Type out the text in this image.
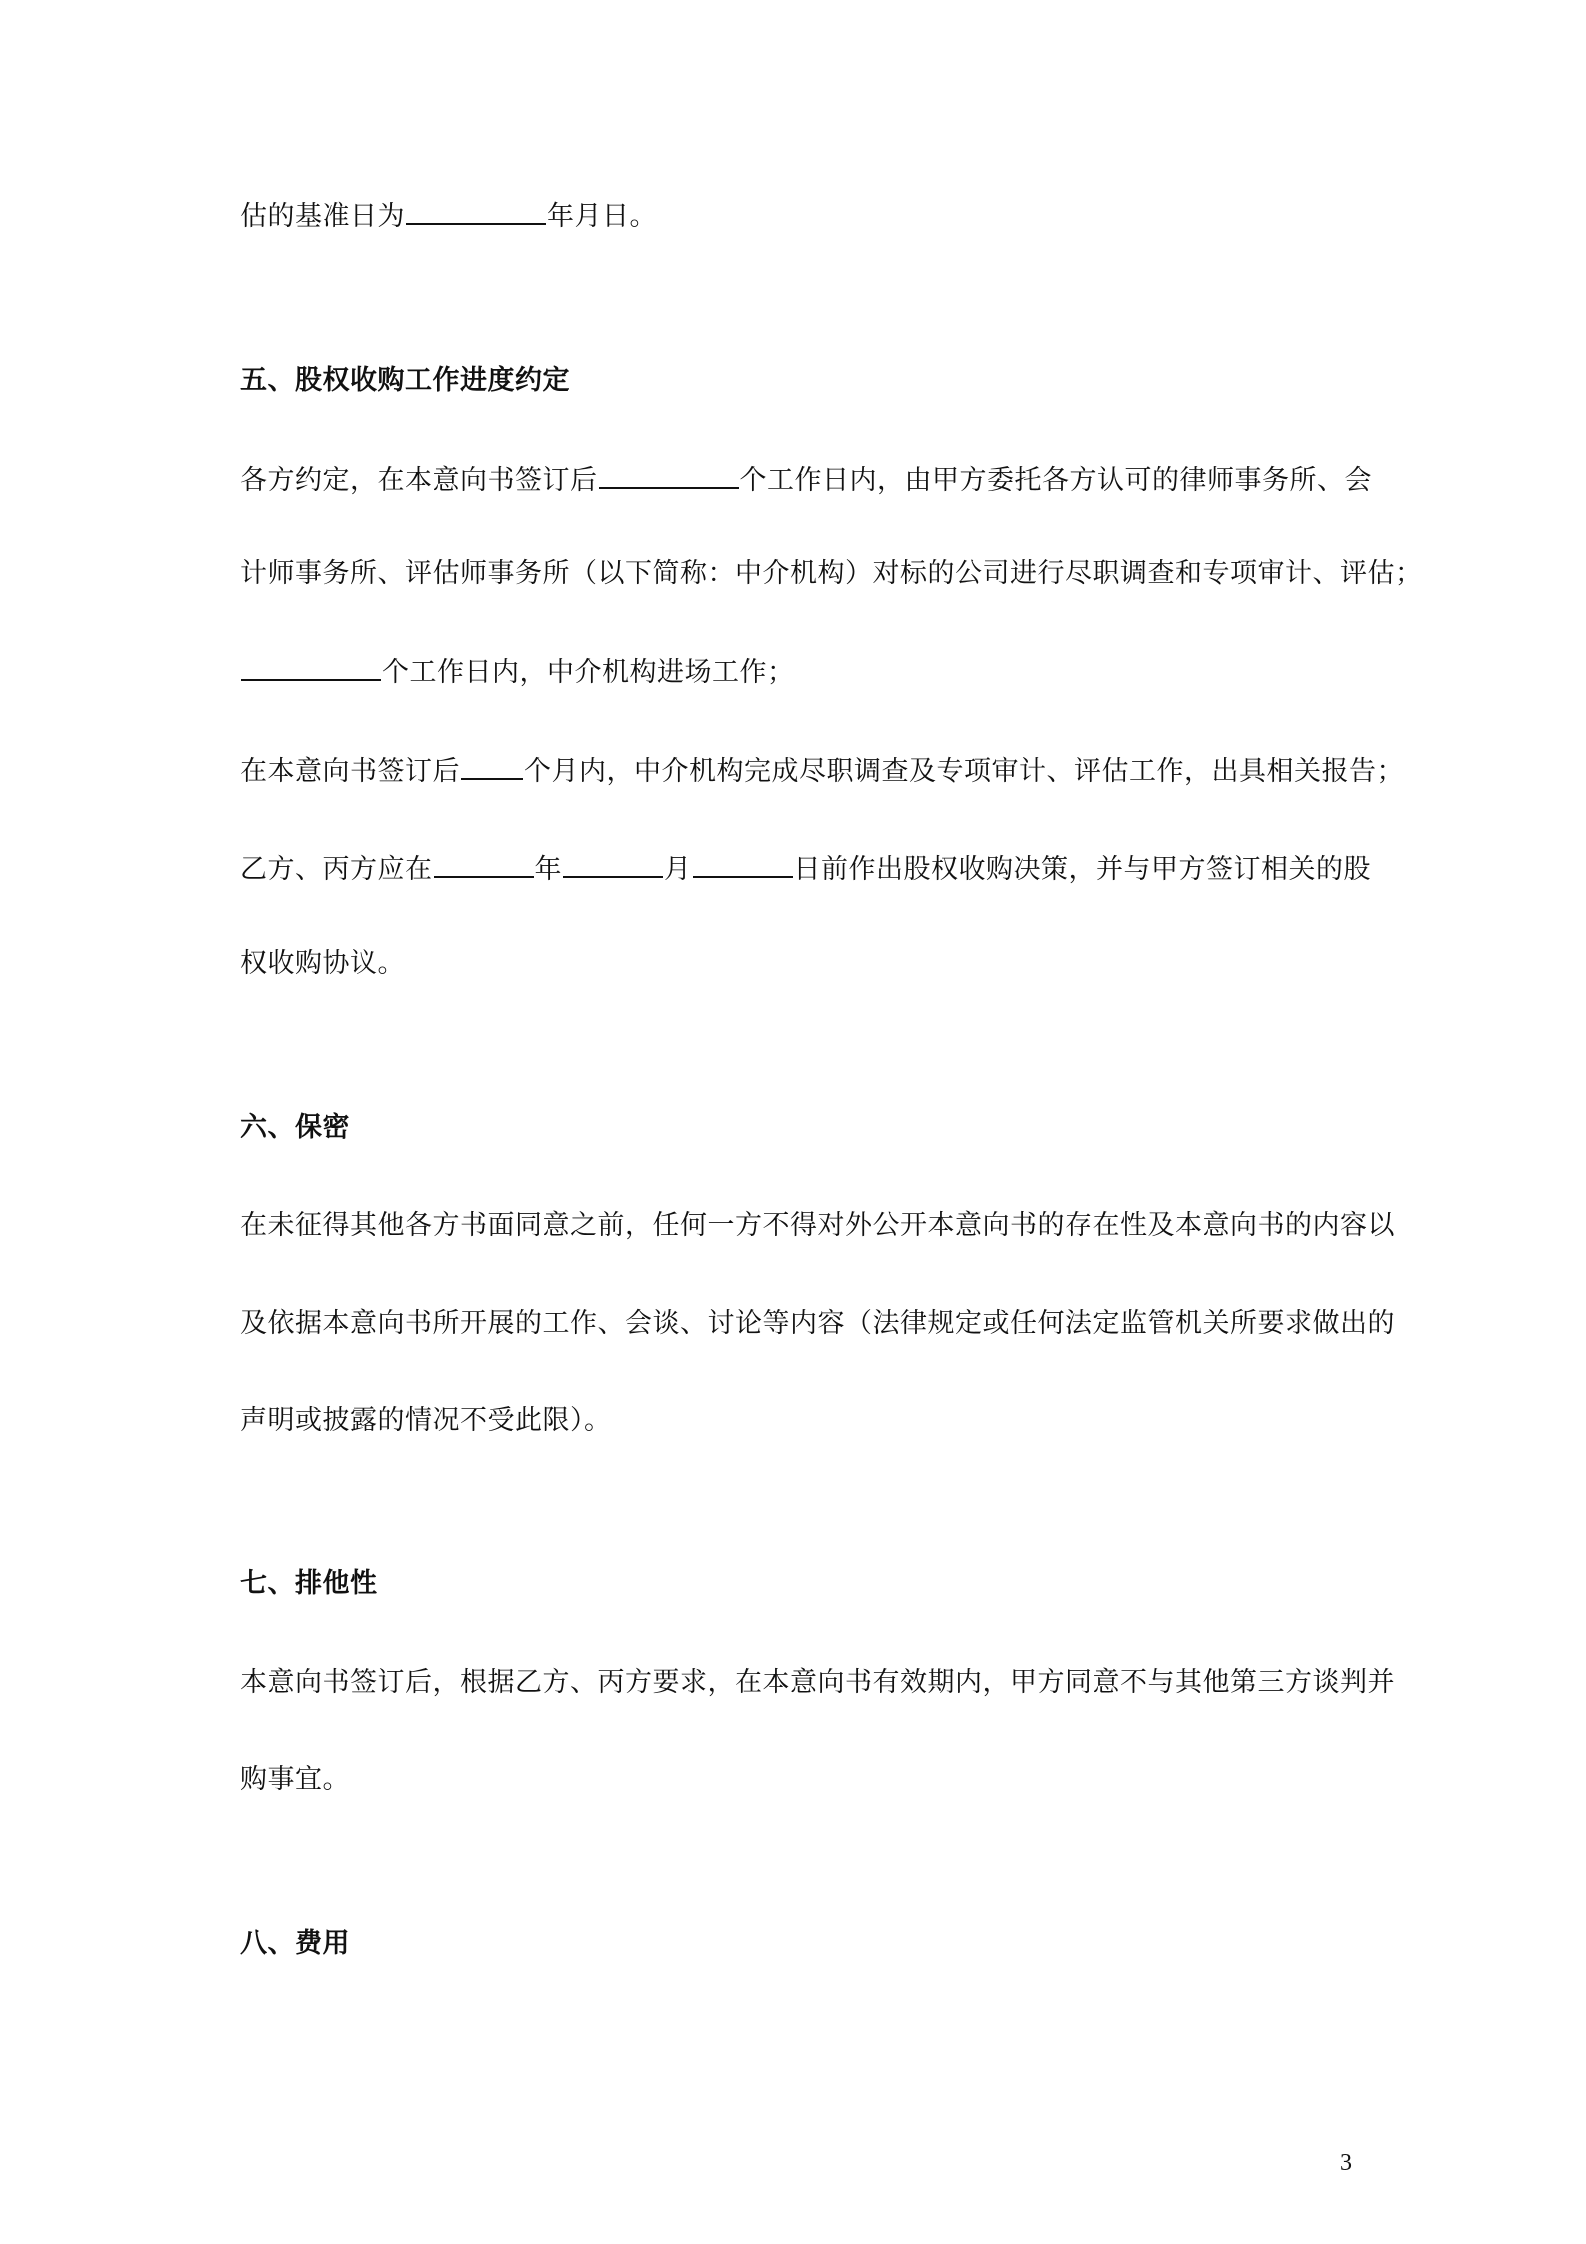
估的基准日为	年月日。
五、股权收购工作进度约定
各方约定，在本意向书签订后	个工作日内，由甲方委托各方认可的律师事务所、会
计师事务所、评估师事务所（以下简称：中介机构）对标的公司进行尽职调查和专项审计、评估；
个工作日内，中介机构进场工作；
在本意向书签订后 个月内，中介机构完成尽职调查及专项审计、评估工作，出具相关报告；
乙方、丙方应在	年	月	日前作出股权收购决策，并与甲方签订相关的股
权收购协议。
六、保密
在未征得其他各方书面同意之前，任何一方不得对外公开本意向书的存在性及本意向书的内容以
及依据本意向书所开展的工作、会谈、讨论等内容（法律规定或任何法定监管机关所要求做出的
声明或披露的情况不受此限）。
七、排他性
本意向书签订后，根据乙方、丙方要求，在本意向书有效期内，甲方同意不与其他第三方谈判并
购事宜。
八、费用
3
